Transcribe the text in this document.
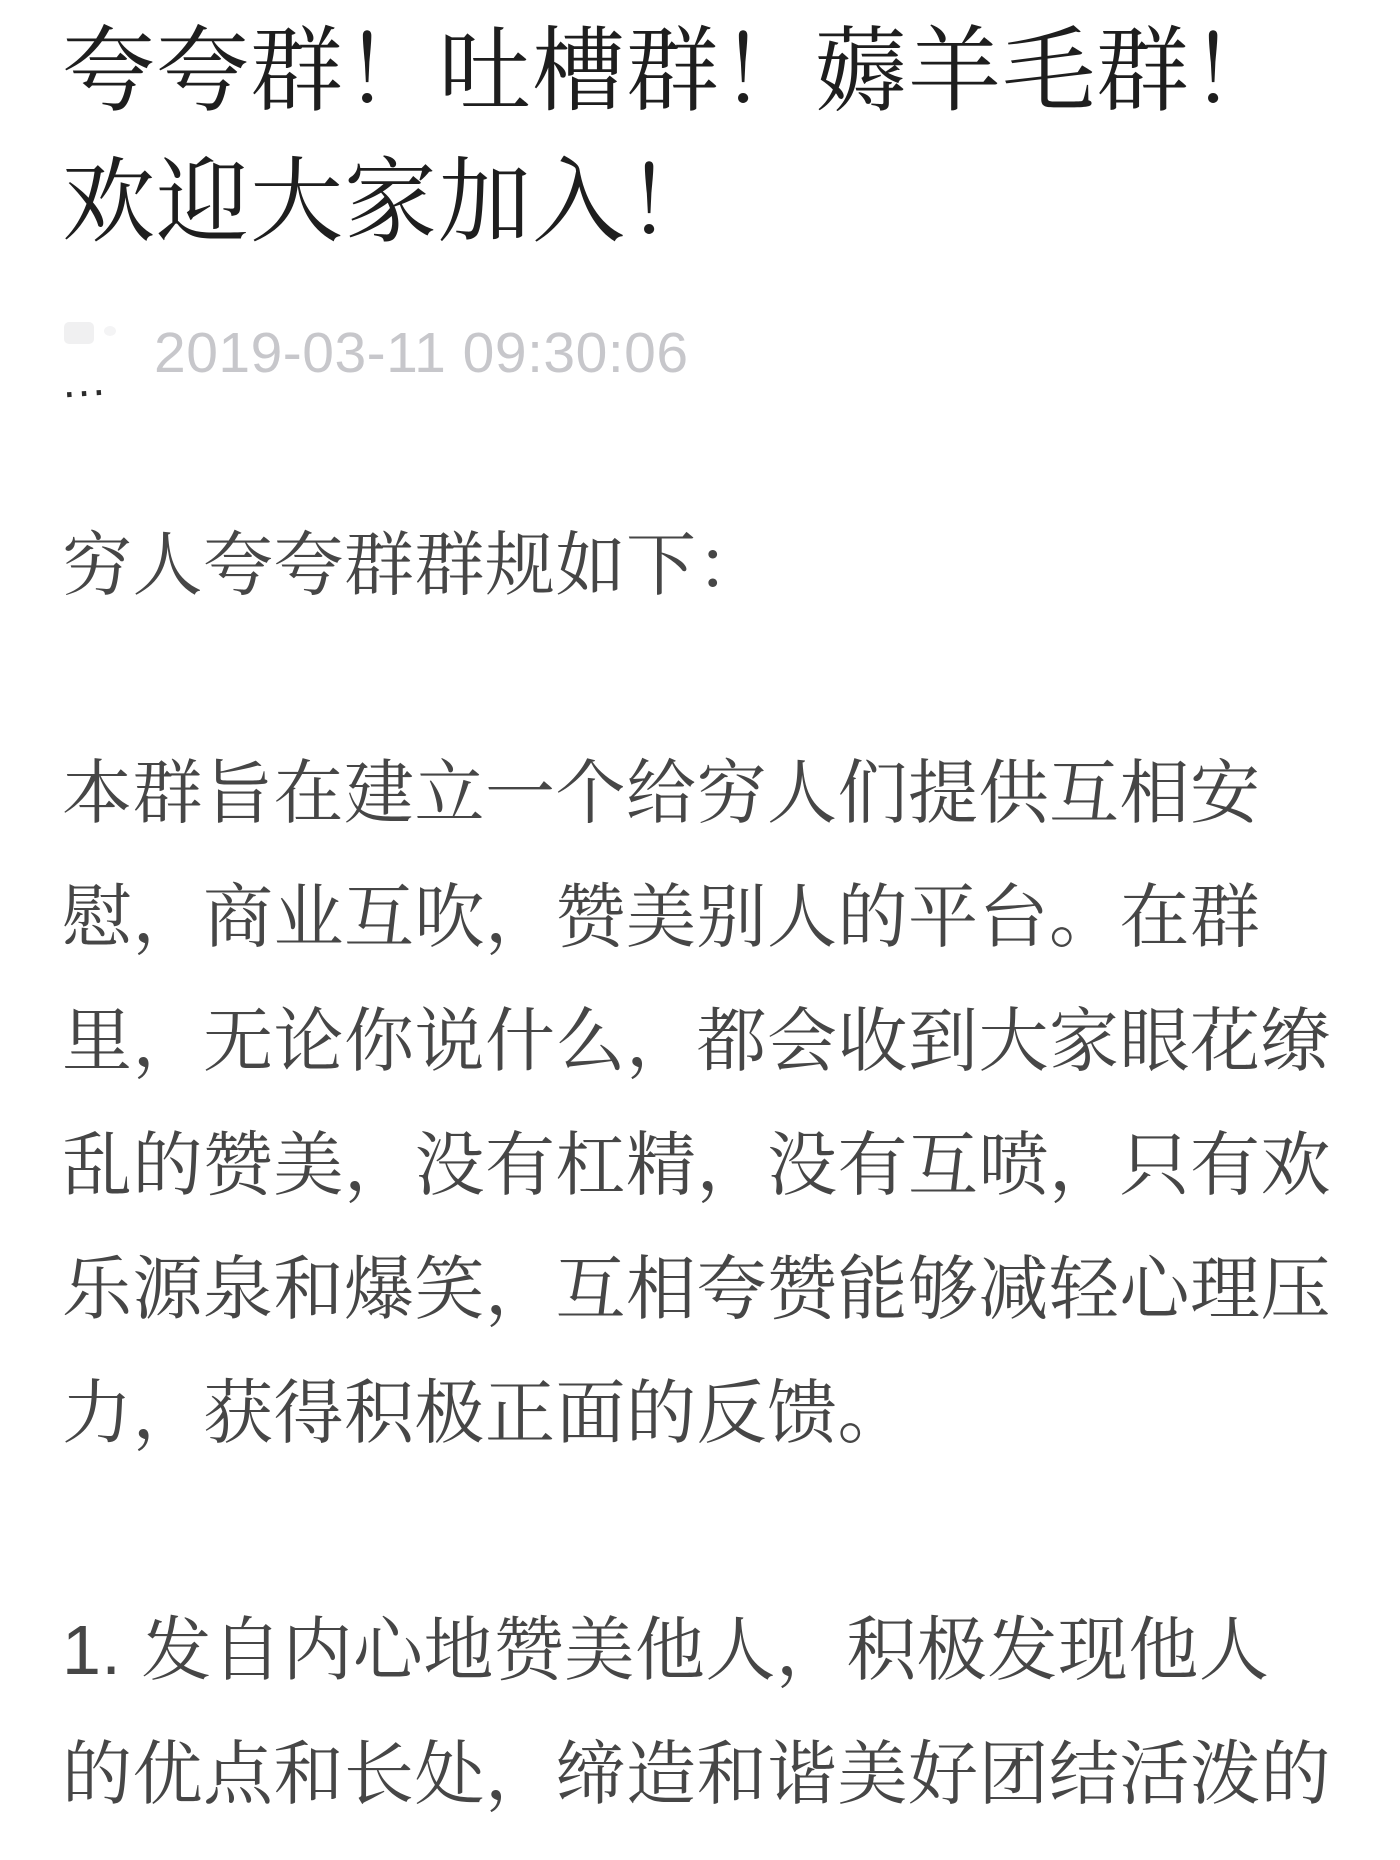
夸夸群！吐槽群！薅羊毛群！
欢迎大家加入！
... 2019-03-11 09:30:06
穷人夸夸群群规如下：
本群旨在建立一个给穷人们提供互相安
慰，商业互吹，赞美别人的平台。在群
里，无论你说什么，都会收到大家眼花缭
乱的赞美，没有杠精，没有互喷，只有欢
乐源泉和爆笑，互相夸赞能够减轻心理压
力，获得积极正面的反馈。
1. 发自内心地赞美他人，积极发现他人
的优点和长处，缔造和谐美好团结活泼的
